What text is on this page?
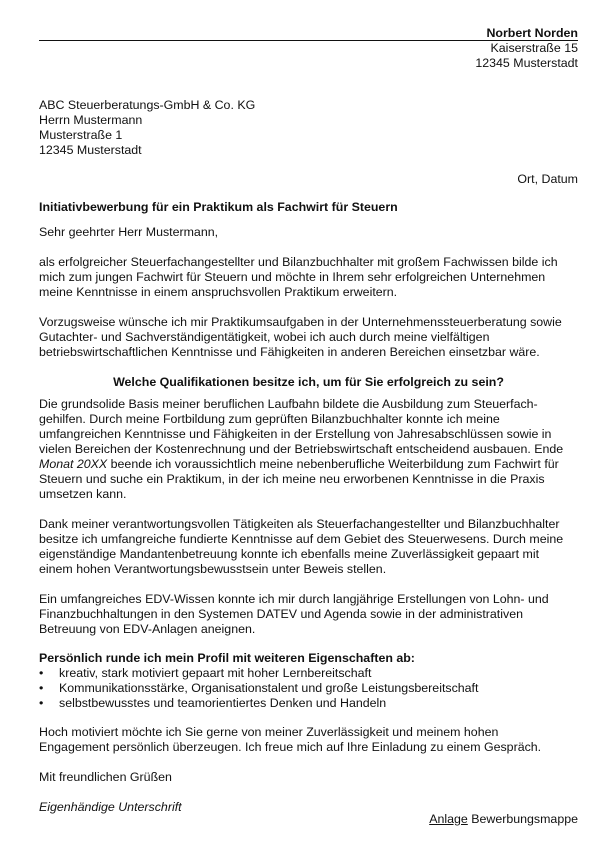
Norbert Norden
Kaiserstraße 15
12345 Musterstadt
ABC Steuerberatungs-GmbH & Co. KG
Herrn Mustermann
Musterstraße 1
12345 Musterstadt
Ort, Datum
Initiativbewerbung für ein Praktikum als Fachwirt für Steuern
Sehr geehrter Herr Mustermann,
als erfolgreicher Steuerfachangestellter und Bilanzbuchhalter mit großem Fachwissen bilde ich
mich zum jungen Fachwirt für Steuern und möchte in Ihrem sehr erfolgreichen Unternehmen
meine Kenntnisse in einem anspruchsvollen Praktikum erweitern.
Vorzugsweise wünsche ich mir Praktikumsaufgaben in der Unternehmenssteuerberatung sowie
Gutachter- und Sachverständigentätigkeit, wobei ich auch durch meine vielfältigen
betriebswirtschaftlichen Kenntnisse und Fähigkeiten in anderen Bereichen einsetzbar wäre.
Welche Qualifikationen besitze ich, um für Sie erfolgreich zu sein?
Die grundsolide Basis meiner beruflichen Laufbahn bildete die Ausbildung zum Steuerfach-
gehilfen. Durch meine Fortbildung zum geprüften Bilanzbuchhalter konnte ich meine
umfangreichen Kenntnisse und Fähigkeiten in der Erstellung von Jahresabschlüssen sowie in
vielen Bereichen der Kostenrechnung und der Betriebswirtschaft entscheidend ausbauen. Ende
Monat 20XX beende ich voraussichtlich meine nebenberufliche Weiterbildung zum Fachwirt für
Steuern und suche ein Praktikum, in der ich meine neu erworbenen Kenntnisse in die Praxis
umsetzen kann.
Dank meiner verantwortungsvollen Tätigkeiten als Steuerfachangestellter und Bilanzbuchhalter
besitze ich umfangreiche fundierte Kenntnisse auf dem Gebiet des Steuerwesens. Durch meine
eigenständige Mandantenbetreuung konnte ich ebenfalls meine Zuverlässigkeit gepaart mit
einem hohen Verantwortungsbewusstsein unter Beweis stellen.
Ein umfangreiches EDV-Wissen konnte ich mir durch langjährige Erstellungen von Lohn- und
Finanzbuchhaltungen in den Systemen DATEV und Agenda sowie in der administrativen
Betreuung von EDV-Anlagen aneignen.
Persönlich runde ich mein Profil mit weiteren Eigenschaften ab:
• kreativ, stark motiviert gepaart mit hoher Lernbereitschaft
• Kommunikationsstärke, Organisationstalent und große Leistungsbereitschaft
• selbstbewusstes und teamorientiertes Denken und Handeln
Hoch motiviert möchte ich Sie gerne von meiner Zuverlässigkeit und meinem hohen
Engagement persönlich überzeugen. Ich freue mich auf Ihre Einladung zu einem Gespräch.
Mit freundlichen Grüßen
Eigenhändige Unterschrift
Anlage Bewerbungsmappe
